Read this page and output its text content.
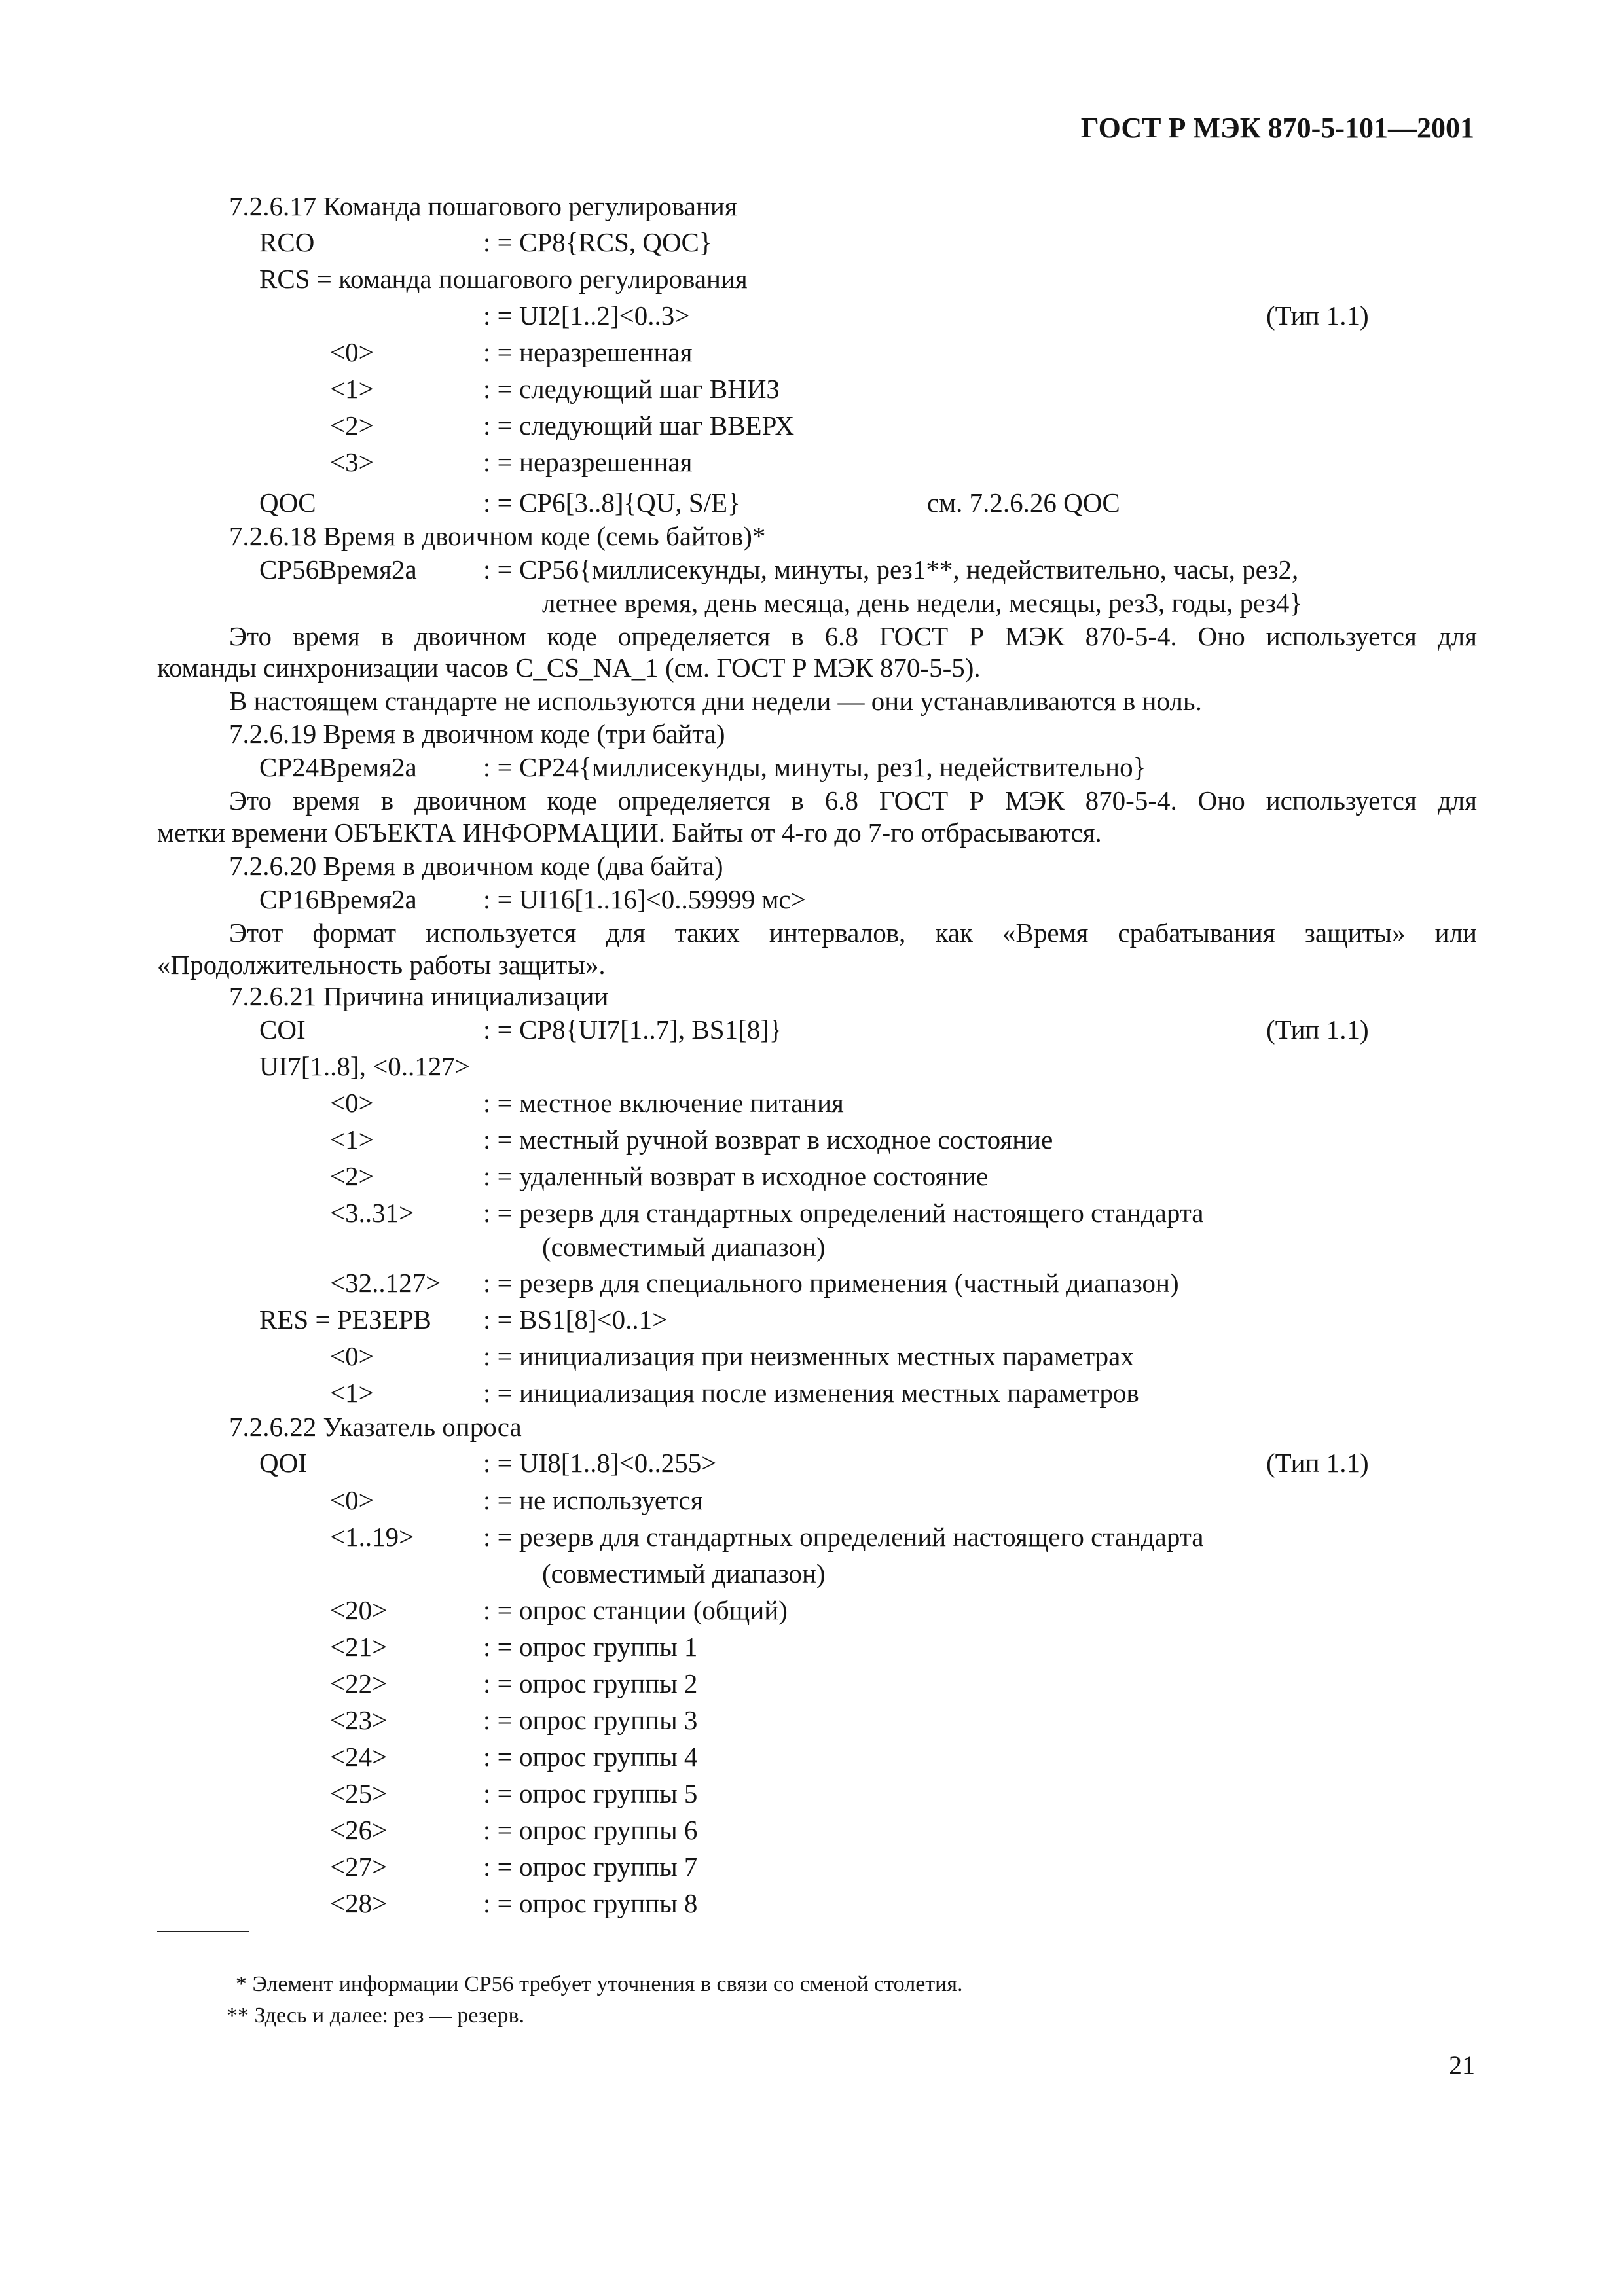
ГОСТ Р МЭК 870-5-101—2001
7.2.6.17 Команда пошагового регулирования
RCO	: = CP8{RCS, QOC}
RCS = команда пошагового регулирования
: = UI2[1..2]<0..3>	(Тип 1.1)
<0>	: = неразрешенная
<1>	: = следующий шаг ВНИЗ
<2>	: = следующий шаг ВВЕРХ
<3>	: = неразрешенная
QOC	: = CP6[3..8]{QU, S/E}	см. 7.2.6.26 QOC
7.2.6.18 Время в двоичном коде (семь байтов)*
CP56Время2a : = CP56{миллисекунды, минуты, рез1**, недействительно, часы, рез2,
летнее время, день месяца, день недели, месяцы, рез3, годы, рез4}
Это время в двоичном коде определяется в 6.8 ГОСТ Р МЭК 870-5-4. Оно используется для
команды синхронизации часов C_CS_NA_1 (см. ГОСТ Р МЭК 870-5-5).
В настоящем стандарте не используются дни недели — они устанавливаются в ноль.
7.2.6.19 Время в двоичном коде (три байта)
CP24Время2a : = CP24{миллисекунды, минуты, рез1, недействительно}
Это время в двоичном коде определяется в 6.8 ГОСТ Р МЭК 870-5-4. Оно используется для
метки времени ОБЪЕКТА ИНФОРМАЦИИ. Байты от 4-го до 7-го отбрасываются.
7.2.6.20 Время в двоичном коде (два байта)
CP16Время2a : = UI16[1..16]<0..59999 мс>
Этот формат используется для таких интервалов, как «Время срабатывания защиты» или
«Продолжительность работы защиты».
7.2.6.21 Причина инициализации
COI	: = CP8{UI7[1..7], BS1[8]}	(Тип 1.1)
UI7[1..8], <0..127>
<0>	: = местное включение питания
<1>	: = местный ручной возврат в исходное состояние
<2>	: = удаленный возврат в исходное состояние
<3..31>	: = резерв для стандартных определений настоящего стандарта
(совместимый диапазон)
<32..127> : = резерв для специального применения (частный диапазон)
RES = РЕЗЕРВ : = BS1[8]<0..1>
<0>	: = инициализация при неизменных местных параметрах
<1>	: = инициализация после изменения местных параметров
7.2.6.22 Указатель опроса
QOI	: = UI8[1..8]<0..255>	(Тип 1.1)
<0>	: = не используется
<1..19>	: = резерв для стандартных определений настоящего стандарта
(совместимый диапазон)
<20>	: = опрос станции (общий)
<21>	: = опрос группы 1
<22>	: = опрос группы 2
<23>	: = опрос группы 3
<24>	: = опрос группы 4
<25>	: = опрос группы 5
<26>	: = опрос группы 6
<27>	: = опрос группы 7
<28>	: = опрос группы 8
* Элемент информации CP56 требует уточнения в связи со сменой столетия.
** Здесь и далее: рез — резерв.
21
